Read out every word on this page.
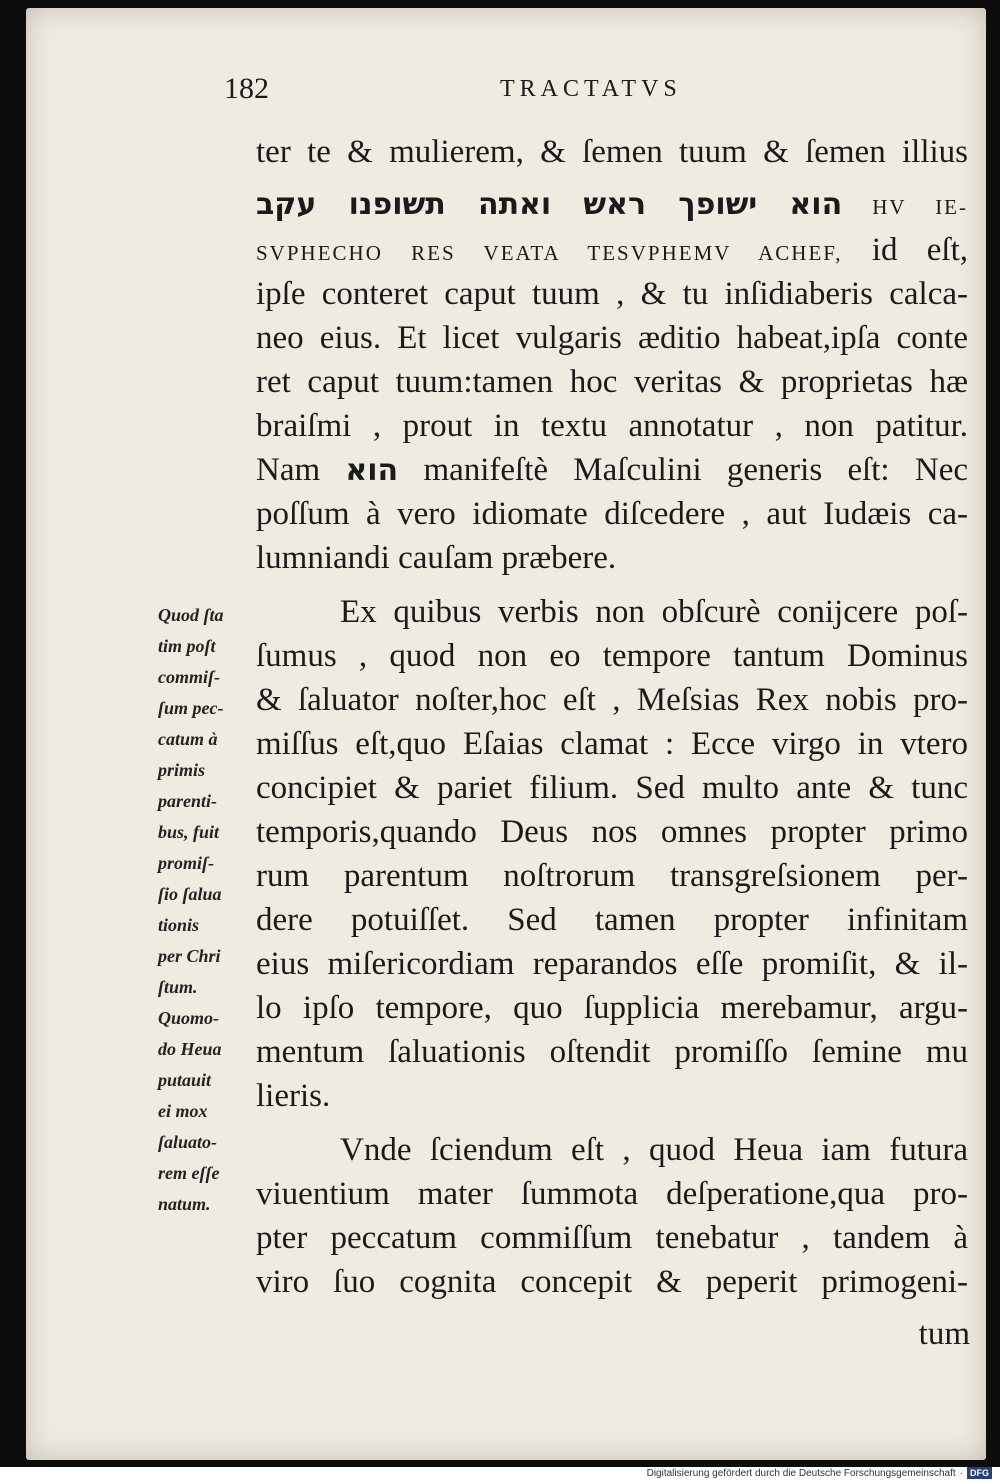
182	TRACTATVS
ter te & mulierem, & ſemen tuum & ſemen illius
הוא ישופך ראש ואתה תשופנו עקב HV IE-
SVPHECHO RES VEATA TESVPHEMV ACHEF, id eſt,
ipſe conteret caput tuum , & tu inſidiaberis calca-
neo eius. Et licet vulgaris æditio habeat,ipſa conte
ret caput tuum:tamen hoc veritas & proprietas hæ
braiſmi , prout in textu annotatur , non patitur.
Nam הוא manifeſtè Maſculini generis eſt: Nec
poſſum à vero idiomate diſcedere , aut Iudæis ca-
lumniandi cauſam præbere.
Ex quibus verbis non obſcurè conijcere poſ-
ſumus , quod non eo tempore tantum Dominus
& ſaluator noſter,hoc eſt , Meſsias Rex nobis pro-
miſſus eſt,quo Eſaias clamat : Ecce virgo in vtero
concipiet & pariet filium. Sed multo ante & tunc
temporis,quando Deus nos omnes propter primo
rum parentum noſtrorum transgreſsionem per-
dere potuiſſet. Sed tamen propter infinitam
eius miſericordiam reparandos eſſe promiſit, & il-
lo ipſo tempore, quo ſupplicia merebamur, argu-
mentum ſaluationis oſtendit promiſſo ſemine mu
lieris.
Vnde ſciendum eſt , quod Heua iam futura
viuentium mater ſummota deſperatione,qua pro-
pter peccatum commiſſum tenebatur , tandem à
viro ſuo cognita concepit & peperit primogeni-
tum
Quod ſta
tim poſt
commiſ-
ſum pec-
catum à
primis
parenti-
bus, fuit
promiſ-
ſio ſalua
tionis
per Chri
ſtum.
Quomo-
do Heua
putauit
ei mox
ſaluato-
rem eſſe
natum.
Digitalisierung gefördert durch die Deutsche Forschungsgemeinschaft · DFG
